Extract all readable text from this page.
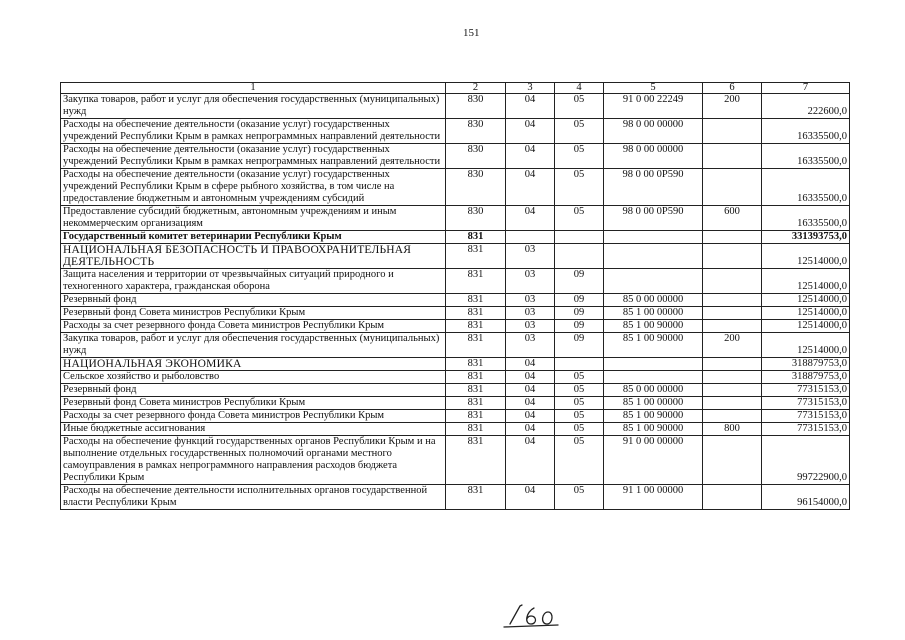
151
1	2	3	4	5	6	7
Закупка товаров, работ и услуг для обеспечения государственных (муниципальных) нужд	830	04	05	91 0 00 22249	200	222600,0
Расходы на обеспечение деятельности (оказание услуг) государственных учреждений Республики Крым в рамках непрограммных направлений деятельности	830	04	05	98 0 00 00000		16335500,0
Расходы на обеспечение деятельности (оказание услуг) государственных учреждений Республики Крым в рамках непрограммных направлений деятельности	830	04	05	98 0 00 00000		16335500,0
Расходы на обеспечение деятельности (оказание услуг) государственных учреждений Республики Крым в сфере рыбного хозяйства, в том числе на предоставление бюджетным и автономным учреждениям субсидий	830	04	05	98 0 00 0Р590		16335500,0
Предоставление субсидий бюджетным, автономным учреждениям и иным некоммерческим организациям	830	04	05	98 0 00 0Р590	600	16335500,0
Государственный комитет ветеринарии Республики Крым	831					331393753,0
НАЦИОНАЛЬНАЯ БЕЗОПАСНОСТЬ И ПРАВООХРАНИТЕЛЬНАЯ ДЕЯТЕЛЬНОСТЬ	831	03				12514000,0
Защита населения и территории от чрезвычайных ситуаций природного и техногенного характера, гражданская оборона	831	03	09			12514000,0
Резервный фонд	831	03	09	85 0 00 00000		12514000,0
Резервный фонд Совета министров Республики Крым	831	03	09	85 1 00 00000		12514000,0
Расходы за счет резервного фонда Совета министров Республики Крым	831	03	09	85 1 00 90000		12514000,0
Закупка товаров, работ и услуг для обеспечения государственных (муниципальных) нужд	831	03	09	85 1 00 90000	200	12514000,0
НАЦИОНАЛЬНАЯ ЭКОНОМИКА	831	04				318879753,0
Сельское хозяйство и рыболовство	831	04	05			318879753,0
Резервный фонд	831	04	05	85 0 00 00000		77315153,0
Резервный фонд Совета министров Республики Крым	831	04	05	85 1 00 00000		77315153,0
Расходы за счет резервного фонда Совета министров Республики Крым	831	04	05	85 1 00 90000		77315153,0
Иные бюджетные ассигнования	831	04	05	85 1 00 90000	800	77315153,0
Расходы на обеспечение функций государственных органов Республики Крым и на выполнение отдельных государственных полномочий органами местного самоуправления в рамках непрограммного направления расходов бюджета Республики Крым	831	04	05	91 0 00 00000		99722900,0
Расходы на обеспечение деятельности исполнительных органов государственной власти Республики Крым	831	04	05	91 1 00 00000		96154000,0
